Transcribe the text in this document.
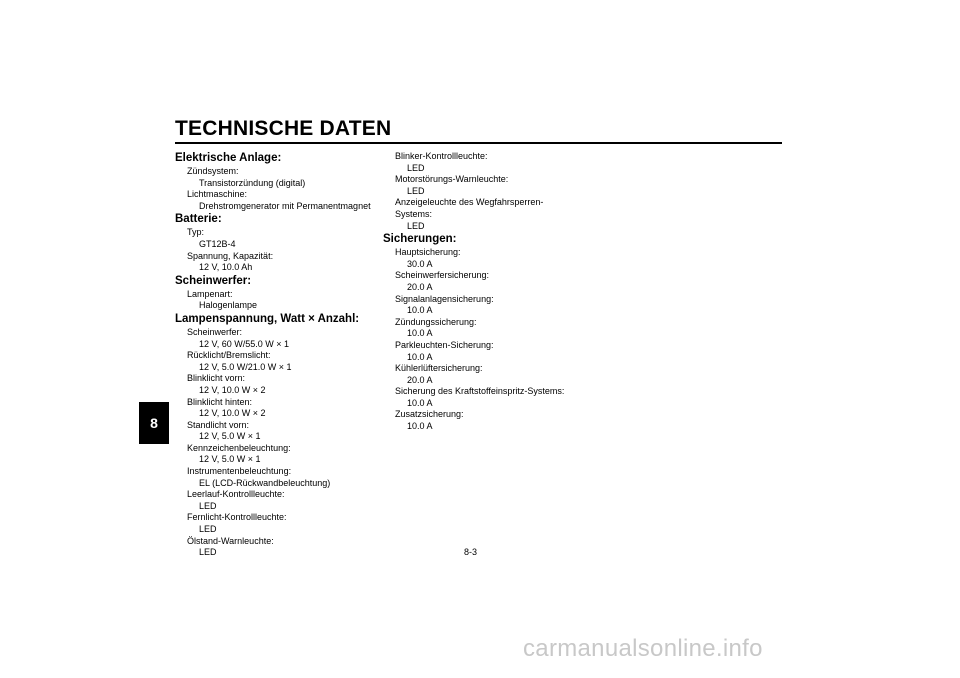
TECHNISCHE DATEN
8
Elektrische Anlage:
Zündsystem:
Transistorzündung (digital)
Lichtmaschine:
Drehstromgenerator mit Permanentmagnet
Batterie:
Typ:
GT12B-4
Spannung, Kapazität:
12 V, 10.0 Ah
Scheinwerfer:
Lampenart:
Halogenlampe
Lampenspannung, Watt × Anzahl:
Scheinwerfer:
12 V, 60 W/55.0 W × 1
Rücklicht/Bremslicht:
12 V, 5.0 W/21.0 W × 1
Blinklicht vorn:
12 V, 10.0 W × 2
Blinklicht hinten:
12 V, 10.0 W × 2
Standlicht vorn:
12 V, 5.0 W × 1
Kennzeichenbeleuchtung:
12 V, 5.0 W × 1
Instrumentenbeleuchtung:
EL (LCD-Rückwandbeleuchtung)
Leerlauf-Kontrollleuchte:
LED
Fernlicht-Kontrollleuchte:
LED
Ölstand-Warnleuchte:
LED
Blinker-Kontrollleuchte:
LED
Motorstörungs-Warnleuchte:
LED
Anzeigeleuchte des Wegfahrsperren-
Systems:
LED
Sicherungen:
Hauptsicherung:
30.0 A
Scheinwerfersicherung:
20.0 A
Signalanlagensicherung:
10.0 A
Zündungssicherung:
10.0 A
Parkleuchten-Sicherung:
10.0 A
Kühlerlüftersicherung:
20.0 A
Sicherung des Kraftstoffeinspritz-Systems:
10.0 A
Zusatzsicherung:
10.0 A
8-3
carmanualsonline.info
